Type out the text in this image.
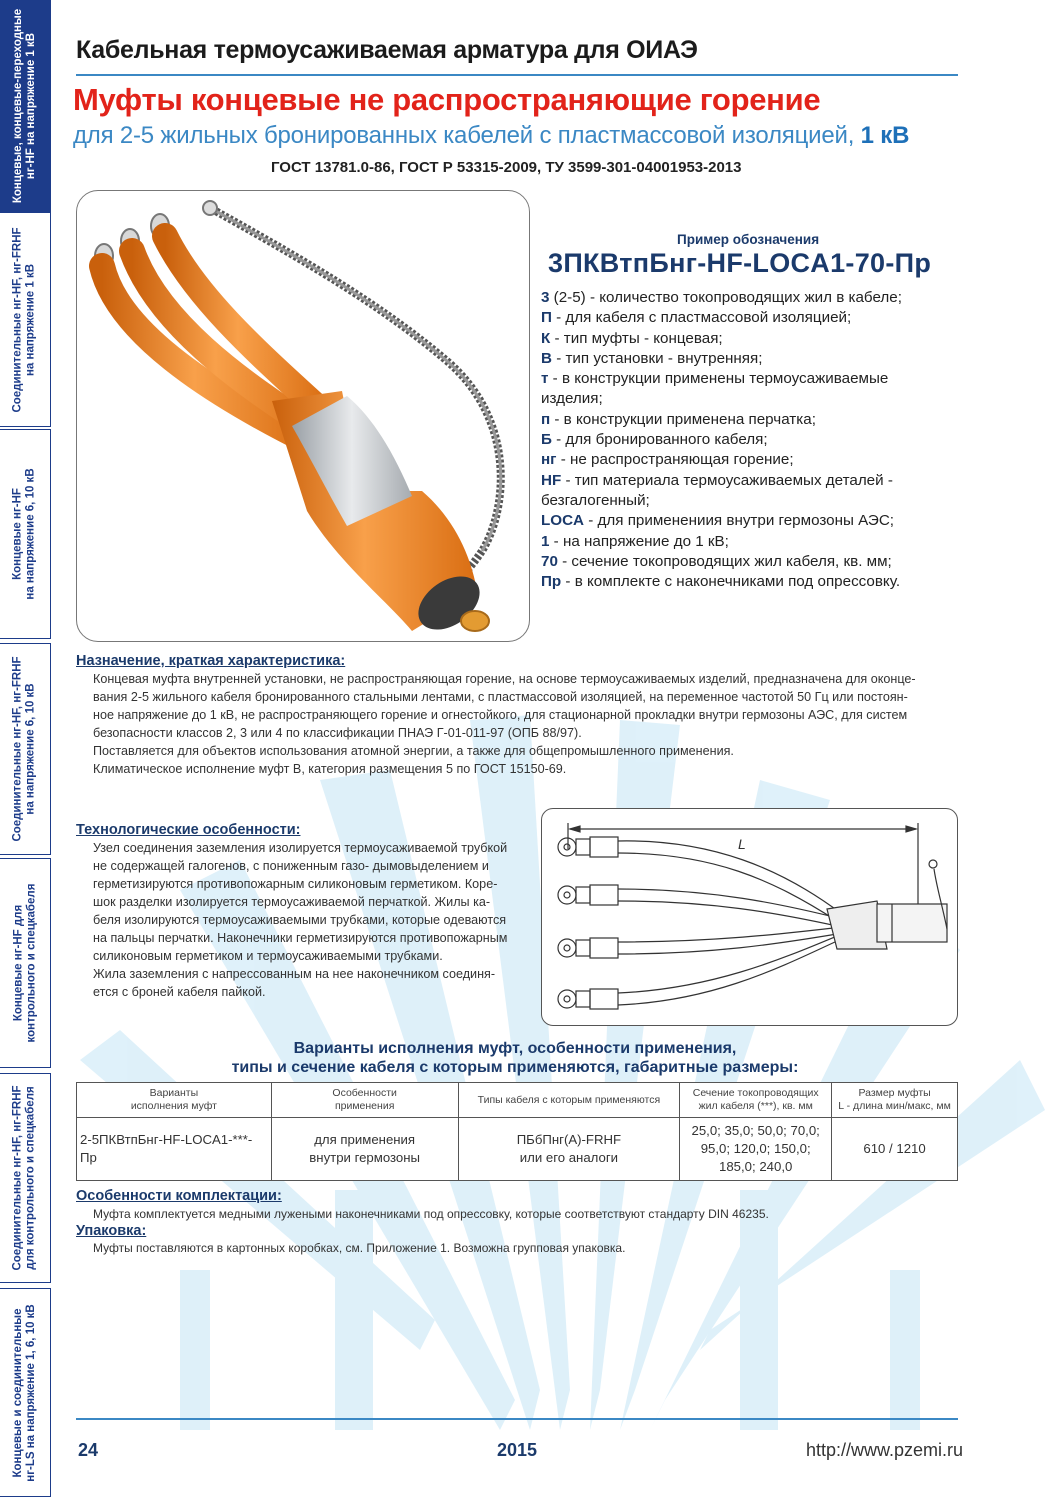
Концевые, концевые-переходные
нг-HF на напряжение 1 кВ
Соединительные нг-HF, нг-FRHF
на напряжение 1 кВ
Концевые нг-HF
на напряжение 6, 10 кВ
Соединительные нг-HF, нг-FRHF
на напряжение 6, 10 кВ
Концевые нг-HF для
контрольного и спецкабеля
Соединительные нг-HF, нг-FRHF
для контрольного и спецкабеля
Концевые и соединительные
нг-LS на напряжение 1, 6, 10 кВ
Кабельная термоусаживаемая арматура для ОИАЭ
Муфты концевые не распространяющие горение
для 2-5 жильных бронированных кабелей с пластмассовой изоляцией, 1 кВ
ГОСТ 13781.0-86, ГОСТ Р 53315-2009, ТУ 3599-301-04001953-2013
Пример обозначения
3ПКВтпБнг-HF-LOCA1-70-Пр
3 (2-5) - количество токопроводящих жил в кабеле;
П - для кабеля с пластмассовой изоляцией;
К - тип муфты - концевая;
В - тип установки - внутренняя;
т - в конструкции применены термоусаживаемые изделия;
п - в конструкции применена перчатка;
Б - для бронированного кабеля;
нг - не распространяющая горение;
HF - тип материала термоусаживаемых деталей - безгалогенный;
LOCA - для применениия внутри гермозоны АЭС;
1 - на напряжение до 1 кВ;
70 - сечение токопроводящих жил кабеля, кв. мм;
Пр - в комплекте с наконечниками под опрессовку.
Назначение, краткая характеристика:

Концевая муфта внутренней установки, не распространяющая горение, на основе термоусаживаемых изделий, предназначена для оконце-

вания 2-5 жильного кабеля бронированного стальными лентами, с пластмассовой изоляцией, на переменное частотой 50 Гц или постоян-

ное напряжение до 1 кВ, не распространяющего горение и огнестойкого, для стационарной прокладки внутри гермозоны АЭС, для систем

безопасности классов 2, 3 или 4 по классификации ПНАЭ Г-01-011-97 (ОПБ 88/97).

Поставляется для объектов использования атомной энергии, а также для общепромышленного применения.

Климатическое исполнение муфт В, категория размещения 5 по ГОСТ 15150-69.

Технологические особенности:

Узел соединения заземления изолируется термоусаживаемой трубкой

не содержащей галогенов, с пониженным газо- дымовыделением и

герметизируются противопожарным силиконовым герметиком. Коре-

шок разделки изолируется термоусаживаемой перчаткой. Жилы ка-

беля изолируются термоусаживаемыми трубками, которые одеваются

на пальцы перчатки. Наконечники герметизируются противопожарным

силиконовым герметиком и термоусаживаемыми трубками.

Жила заземления с напрессованным на нее наконечником соединя-

ется с броней кабеля пайкой.

L
Варианты исполнения муфт, особенности применения,
типы и сечение кабеля с которым применяются, габаритные размеры:
Варианты
исполнения муфт	Особенности
применения	Типы кабеля с которым применяются	Сечение токопроводящих
жил кабеля (***), кв. мм	Размер муфты
L - длина мин/макс, мм
2-5ПКВтпБнг-HF-LOCA1-***-Пр	для применения
внутри гермозоны	ПБбПнг(А)-FRHF
или его аналоги	25,0; 35,0; 50,0; 70,0;
95,0; 120,0; 150,0;
185,0; 240,0	610 / 1210
Особенности комплектации:
Муфта комплектуется медными лужеными наконечниками под опрессовку, которые соответствуют стандарту DIN 46235.
Упаковка:
Муфты поставляются в картонных коробках, см. Приложение 1. Возможна групповая упаковка.
24	2015	http://www.pzemi.ru
